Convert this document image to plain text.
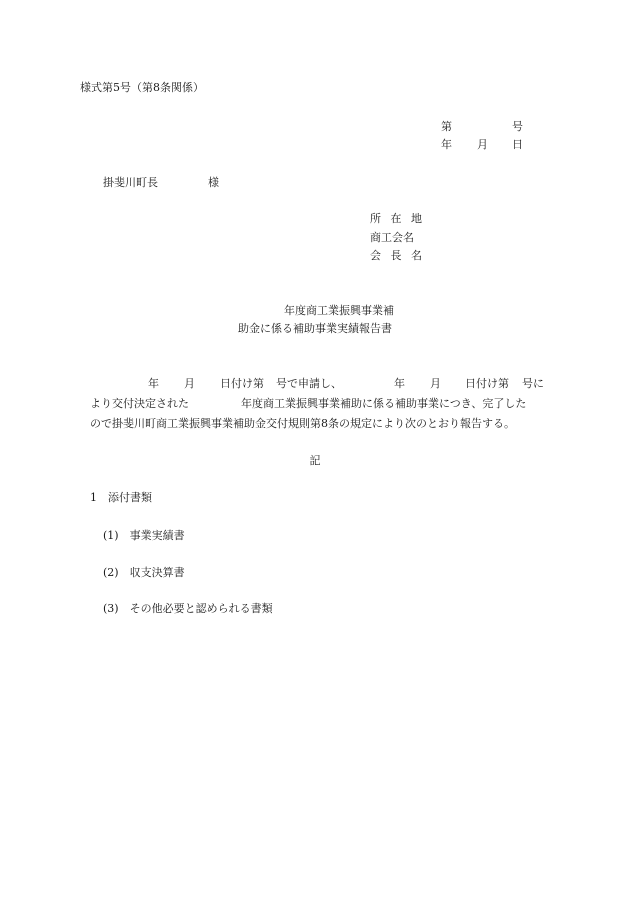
様式第5号（第8条関係）
第	号
年 月 日
掛斐川町長	様
所 在 地
商工会名
会 長 名
年度商工業振興事業補
助金に係る補助事業実績報告書
年 月 日付け第 号で申請し、	年 月 日付け第 号に
より交付決定された	年度商工業振興事業補助に係る補助事業につき、完了した
ので掛斐川町商工業振興事業補助金交付規則第8条の規定により次のとおり報告する。
記
1　添付書類
(1)　事業実績書
(2)　収支決算書
(3)　その他必要と認められる書類
